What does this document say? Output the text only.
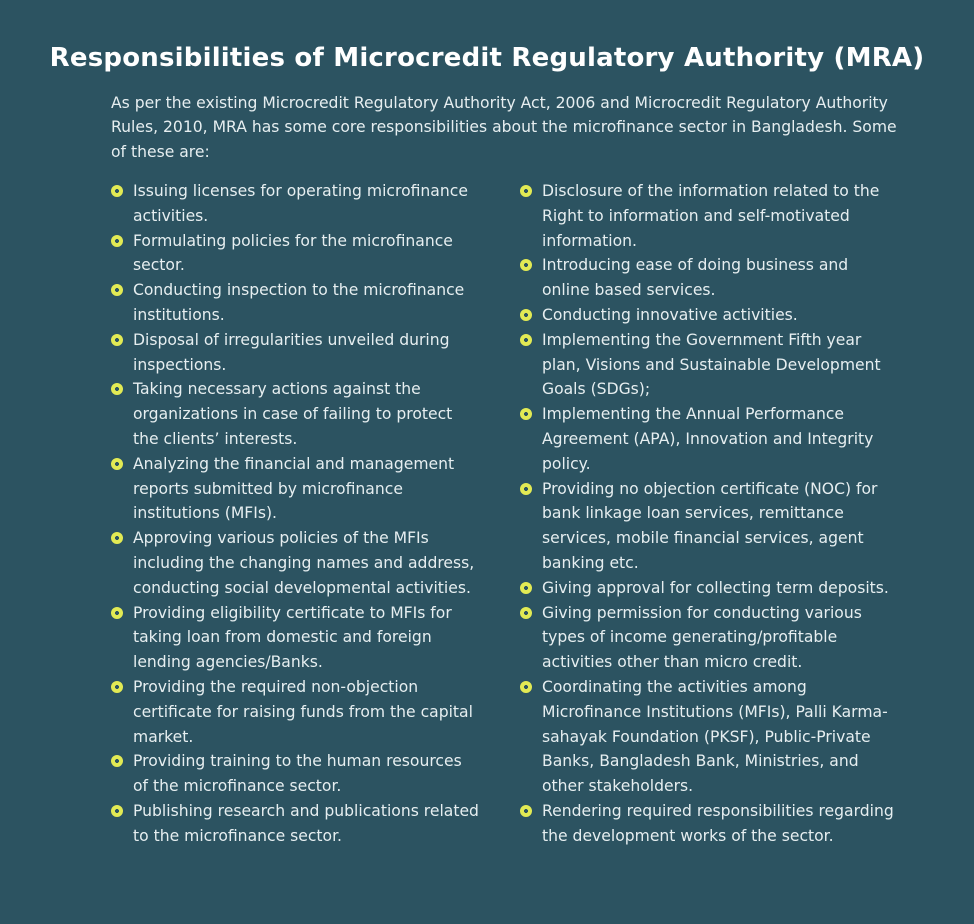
Responsibilities of Microcredit Regulatory Authority (MRA)

As per the existing Microcredit Regulatory Authority Act, 2006 and Microcredit Regulatory Authority Rules, 2010, MRA has some core responsibilities about the microfinance sector in Bangladesh. Some of these are:

Issuing licenses for operating microfinance activities.
Formulating policies for the microfinance sector.
Conducting inspection to the microfinance institutions.
Disposal of irregularities unveiled during inspections.
Taking necessary actions against the organizations in case of failing to protect the clients’ interests.
Analyzing the financial and management reports submitted by microfinance institutions (MFIs).
Approving various policies of the MFIs including the changing names and address, conducting social developmental activities.
Providing eligibility certificate to MFIs for taking loan from domestic and foreign lending agencies/Banks.
Providing the required non-objection certificate for raising funds from the capital market.
Providing training to the human resources of the microfinance sector.
Publishing research and publications related to the microfinance sector.
Disclosure of the information related to the Right to information and self-motivated information.
Introducing ease of doing business and online based services.
Conducting innovative activities.
Implementing the Government Fifth year plan, Visions and Sustainable Development Goals (SDGs);
Implementing the Annual Performance Agreement (APA), Innovation and Integrity policy.
Providing no objection certificate (NOC) for bank linkage loan services, remittance services, mobile financial services, agent banking etc.
Giving approval for collecting term deposits.
Giving permission for conducting various types of income generating/profitable activities other than micro credit.
Coordinating the activities among Microfinance Institutions (MFIs), Palli Karma-sahayak Foundation (PKSF), Public-Private Banks, Bangladesh Bank, Ministries, and other stakeholders.
Rendering required responsibilities regarding the development works of the sector.
